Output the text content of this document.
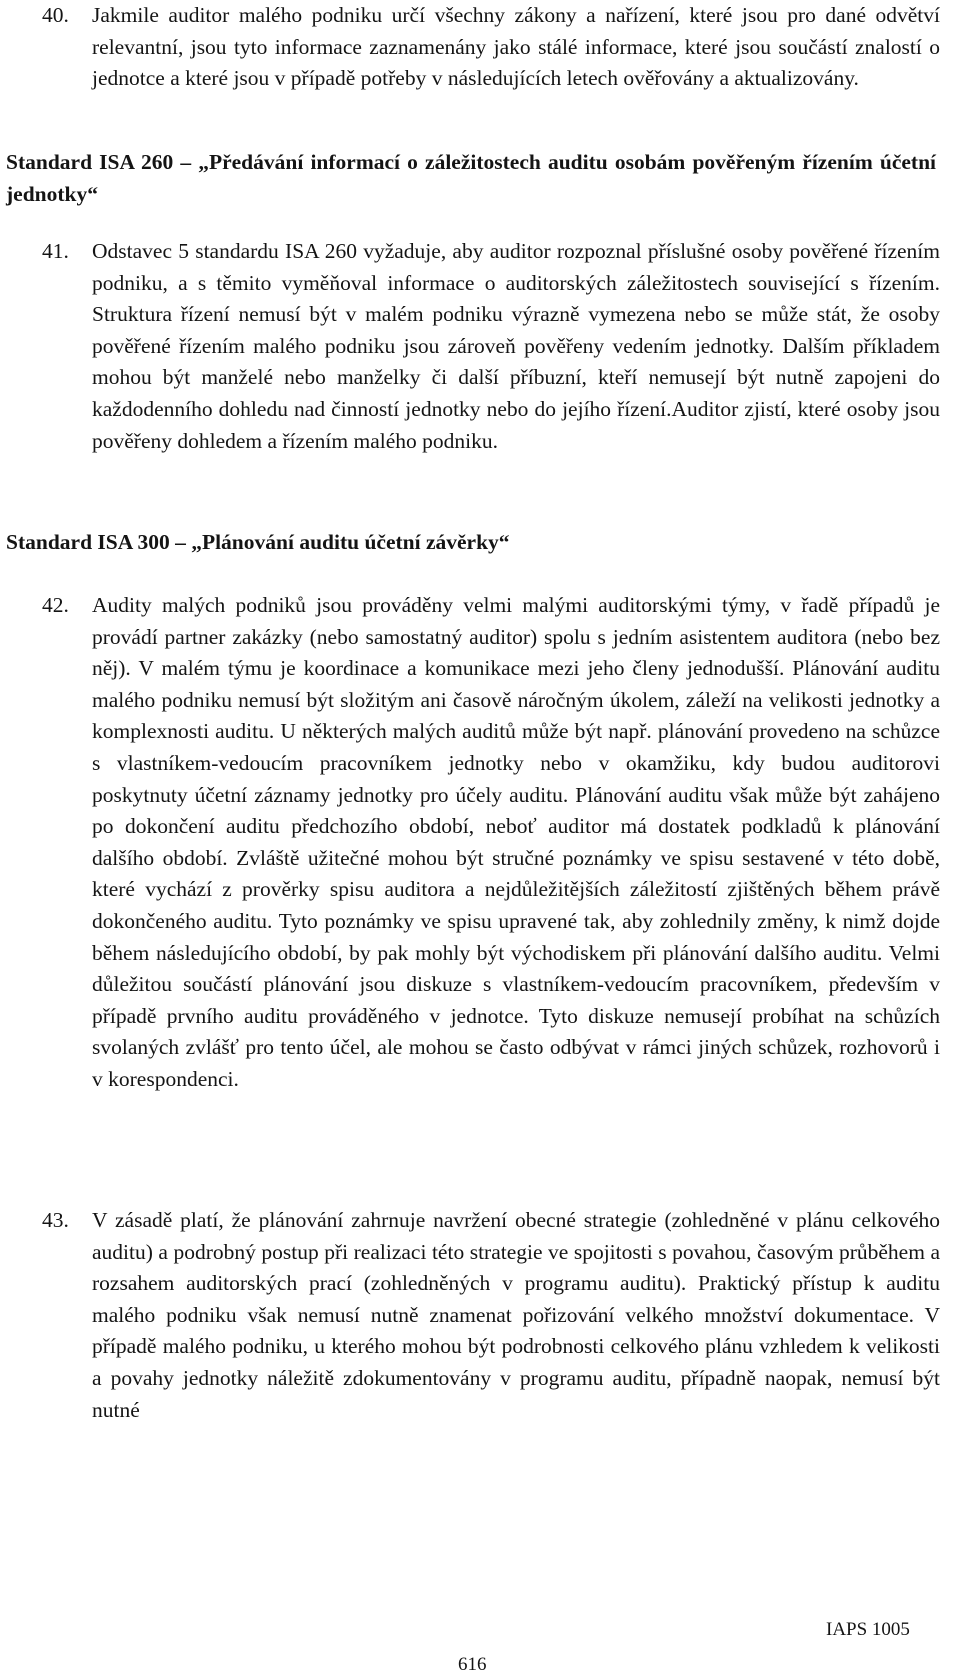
40. Jakmile auditor malého podniku určí všechny zákony a nařízení, které jsou pro dané odvětví relevantní, jsou tyto informace zaznamenány jako stálé informace, které jsou součástí znalostí o jednotce a které jsou v případě potřeby v následujících letech ověřovány a aktualizovány.
Standard ISA 260 – „Předávání informací o záležitostech auditu osobám pověřeným řízením účetní jednotky“
41. Odstavec 5 standardu ISA 260 vyžaduje, aby auditor rozpoznal příslušné osoby pověřené řízením podniku, a s těmito vyměňoval informace o auditorských záležitostech související s řízením. Struktura řízení nemusí být v malém podniku výrazně vymezena nebo se může stát, že osoby pověřené řízením malého podniku jsou zároveň pověřeny vedením jednotky. Dalším příkladem mohou být manželé nebo manželky či další příbuzní, kteří nemusejí být nutně zapojeni do každodenního dohledu nad činností jednotky nebo do jejího řízení.Auditor zjistí, které osoby jsou pověřeny dohledem a řízením malého podniku.
Standard ISA 300 – „Plánování auditu účetní závěrky“
42. Audity malých podniků jsou prováděny velmi malými auditorskými týmy, v řadě případů je provádí partner zakázky (nebo samostatný auditor) spolu s jedním asistentem auditora (nebo bez něj). V malém týmu je koordinace a komunikace mezi jeho členy jednodušší. Plánování auditu malého podniku nemusí být složitým ani časově náročným úkolem, záleží na velikosti jednotky a komplexnosti auditu. U některých malých auditů může být např. plánování provedeno na schůzce s vlastníkem-vedoucím pracovníkem jednotky nebo v okamžiku, kdy budou auditorovi poskytnuty účetní záznamy jednotky pro účely auditu. Plánování auditu však může být zahájeno po dokončení auditu předchozího období, neboť auditor má dostatek podkladů k plánování dalšího období. Zvláště užitečné mohou být stručné poznámky ve spisu sestavené v této době, které vychází z prověrky spisu auditora a nejdůležitějších záležitostí zjištěných během právě dokončeného auditu. Tyto poznámky ve spisu upravené tak, aby zohlednily změny, k nimž dojde během následujícího období, by pak mohly být východiskem při plánování dalšího auditu. Velmi důležitou součástí plánování jsou diskuze s vlastníkem-vedoucím pracovníkem, především v případě prvního auditu prováděného v jednotce. Tyto diskuze nemusejí probíhat na schůzích svolaných zvlášť pro tento účel, ale mohou se často odbývat v rámci jiných schůzek, rozhovorů i v korespondenci.
43. V zásadě platí, že plánování zahrnuje navržení obecné strategie (zohledněné v plánu celkového auditu) a podrobný postup při realizaci této strategie ve spojitosti s povahou, časovým průběhem a rozsahem auditorských prací (zohledněných v programu auditu). Praktický přístup k auditu malého podniku však nemusí nutně znamenat pořizování velkého množství dokumentace. V případě malého podniku, u kterého mohou být podrobnosti celkového plánu vzhledem k velikosti a povahy jednotky náležitě zdokumentovány v programu auditu, případně naopak, nemusí být nutné
IAPS 1005
616
